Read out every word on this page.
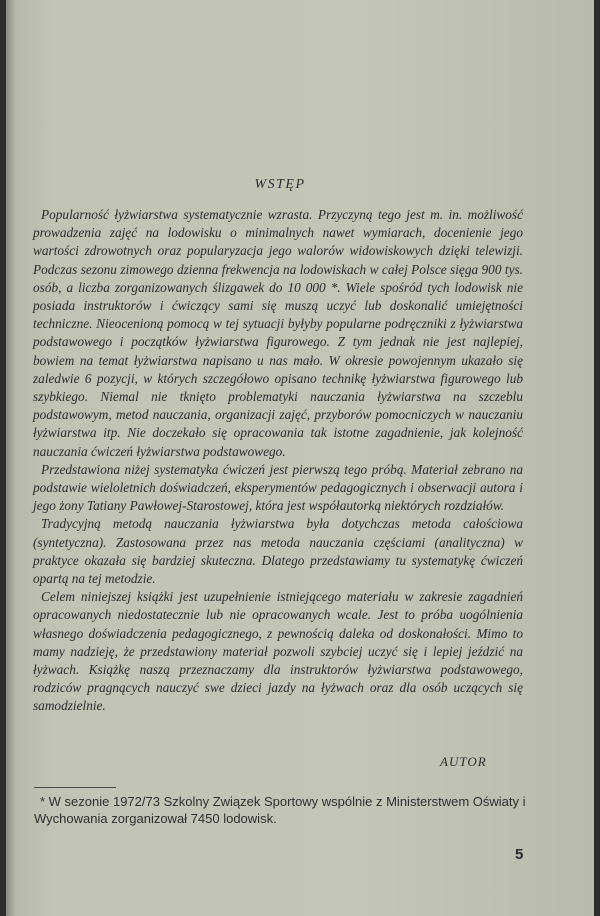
WSTĘP

Popularność łyżwiarstwa systematycznie wzrasta. Przyczyną tego jest m. in. możliwość prowadzenia zajęć na lodowisku o minimalnych nawet wymiarach, docenienie jego wartości zdrowotnych oraz popularyzacja jego walorów widowiskowych dzięki telewizji. Podczas sezonu zimowego dzienna frekwencja na lodowiskach w całej Polsce sięga 900 tys. osób, a liczba zorganizowanych ślizgawek do 10 000 *. Wiele spośród tych lodowisk nie posiada instruktorów i ćwiczący sami się muszą uczyć lub doskonalić umiejętności techniczne. Nieocenioną pomocą w tej sytuacji byłyby popularne podręczniki z łyżwiarstwa podstawowego i początków łyżwiarstwa figurowego. Z tym jednak nie jest najlepiej, bowiem na temat łyżwiarstwa napisano u nas mało. W okresie powojennym ukazało się zaledwie 6 pozycji, w których szczegółowo opisano technikę łyżwiarstwa figurowego lub szybkiego. Niemal nie tknięto problematyki nauczania łyżwiarstwa na szczeblu podstawowym, metod nauczania, organizacji zajęć, przyborów pomocniczych w nauczaniu łyżwiarstwa itp. Nie doczekało się opracowania tak istotne zagadnienie, jak kolejność nauczania ćwiczeń łyżwiarstwa podstawowego.

Przedstawiona niżej systematyka ćwiczeń jest pierwszą tego próbą. Materiał zebrano na podstawie wieloletnich doświadczeń, eksperymentów pedagogicznych i obserwacji autora i jego żony Tatiany Pawłowej-Starostowej, która jest współautorką niektórych rozdziałów.

Tradycyjną metodą nauczania łyżwiarstwa była dotychczas metoda całościowa (syntetyczna). Zastosowana przez nas metoda nauczania częściami (analityczna) w praktyce okazała się bardziej skuteczna. Dlatego przedstawiamy tu systematykę ćwiczeń opartą na tej metodzie.

Celem niniejszej książki jest uzupełnienie istniejącego materiału w zakresie zagadnień opracowanych niedostatecznie lub nie opracowanych wcale. Jest to próba uogólnienia własnego doświadczenia pedagogicznego, z pewnością daleka od doskonałości. Mimo to mamy nadzieję, że przedstawiony materiał pozwoli szybciej uczyć się i lepiej jeździć na łyżwach. Książkę naszą przeznaczamy dla instruktorów łyżwiarstwa podstawowego, rodziców pragnących nauczyć swe dzieci jazdy na łyżwach oraz dla osób uczących się samodzielnie.

AUTOR

* W sezonie 1972/73 Szkolny Związek Sportowy wspólnie z Ministerstwem Oświaty i Wychowania zorganizował 7450 lodowisk.

5
